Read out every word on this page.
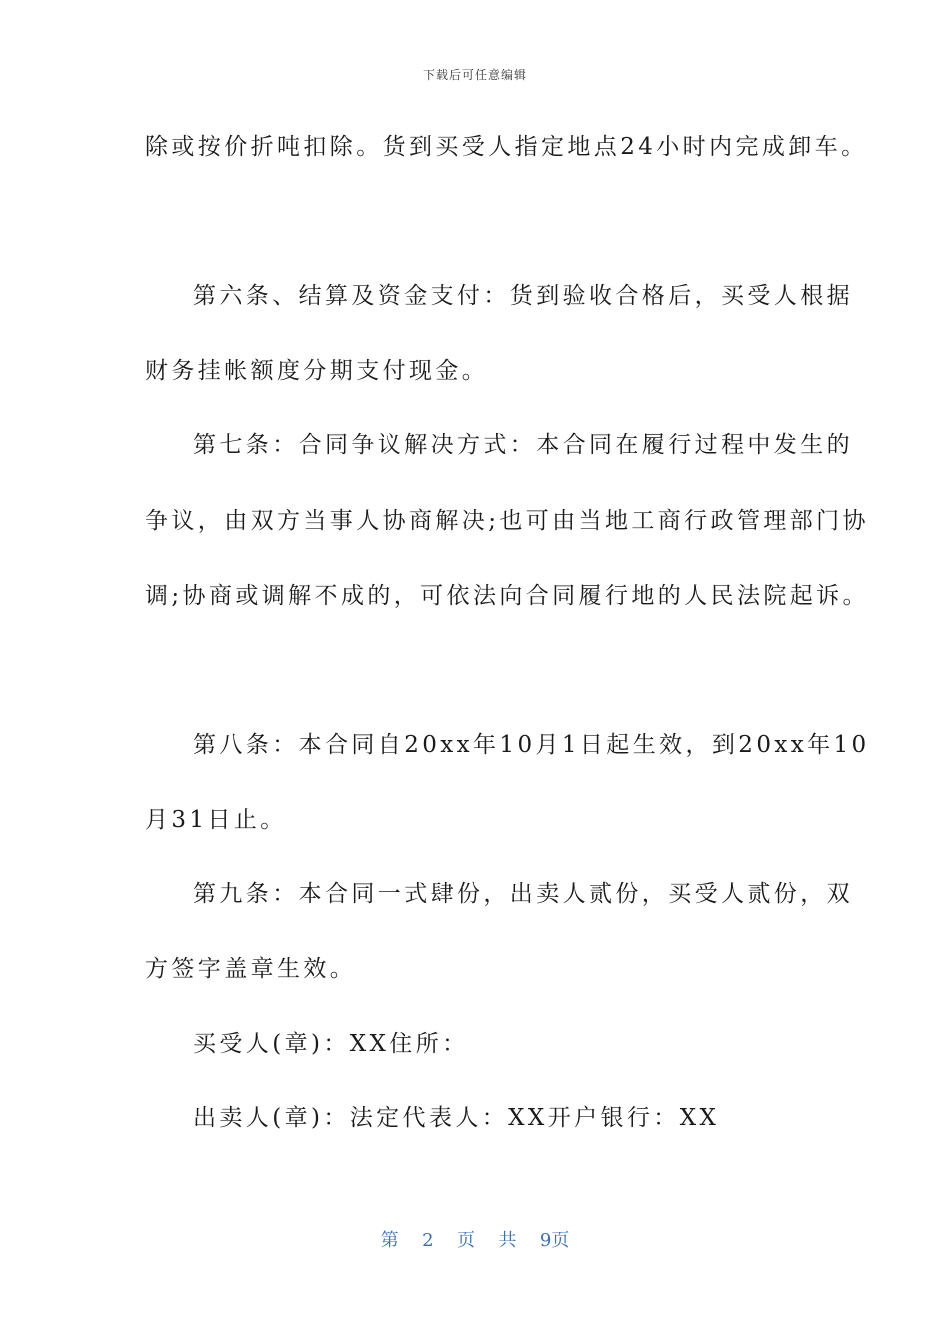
下载后可任意编辑
除或按价折吨扣除。货到买受人指定地点24小时内完成卸车。
第六条、结算及资金支付：货到验收合格后，买受人根据
财务挂帐额度分期支付现金。
第七条：合同争议解决方式：本合同在履行过程中发生的
争议，由双方当事人协商解决;也可由当地工商行政管理部门协
调;协商或调解不成的，可依法向合同履行地的人民法院起诉。
第八条：本合同自20xx年10月1日起生效，到20xx年10
月31日止。
第九条：本合同一式肆份，出卖人贰份，买受人贰份，双
方签字盖章生效。
买受人(章)：XX住所：
出卖人(章)：法定代表人：XX开户银行：XX
第  2  页  共  9页
